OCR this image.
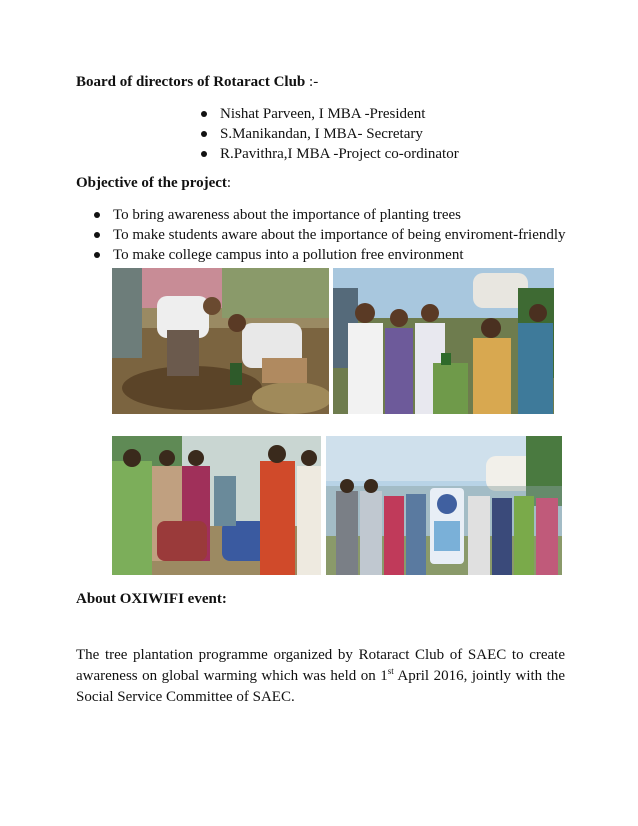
Board of directors of Rotaract Club :-
Nishat Parveen, I MBA -President
S.Manikandan, I MBA- Secretary
R.Pavithra,I MBA -Project co-ordinator
Objective of the project:
To bring awareness about the importance of planting trees
To make students aware about the importance of being enviroment-friendly
To make college campus into a pollution free environment
About OXIWIFI event:

The tree plantation programme organized by Rotaract Club of SAEC to create awareness on global warming which was held on 1st April 2016, jointly with the Social Service Committee of SAEC.
